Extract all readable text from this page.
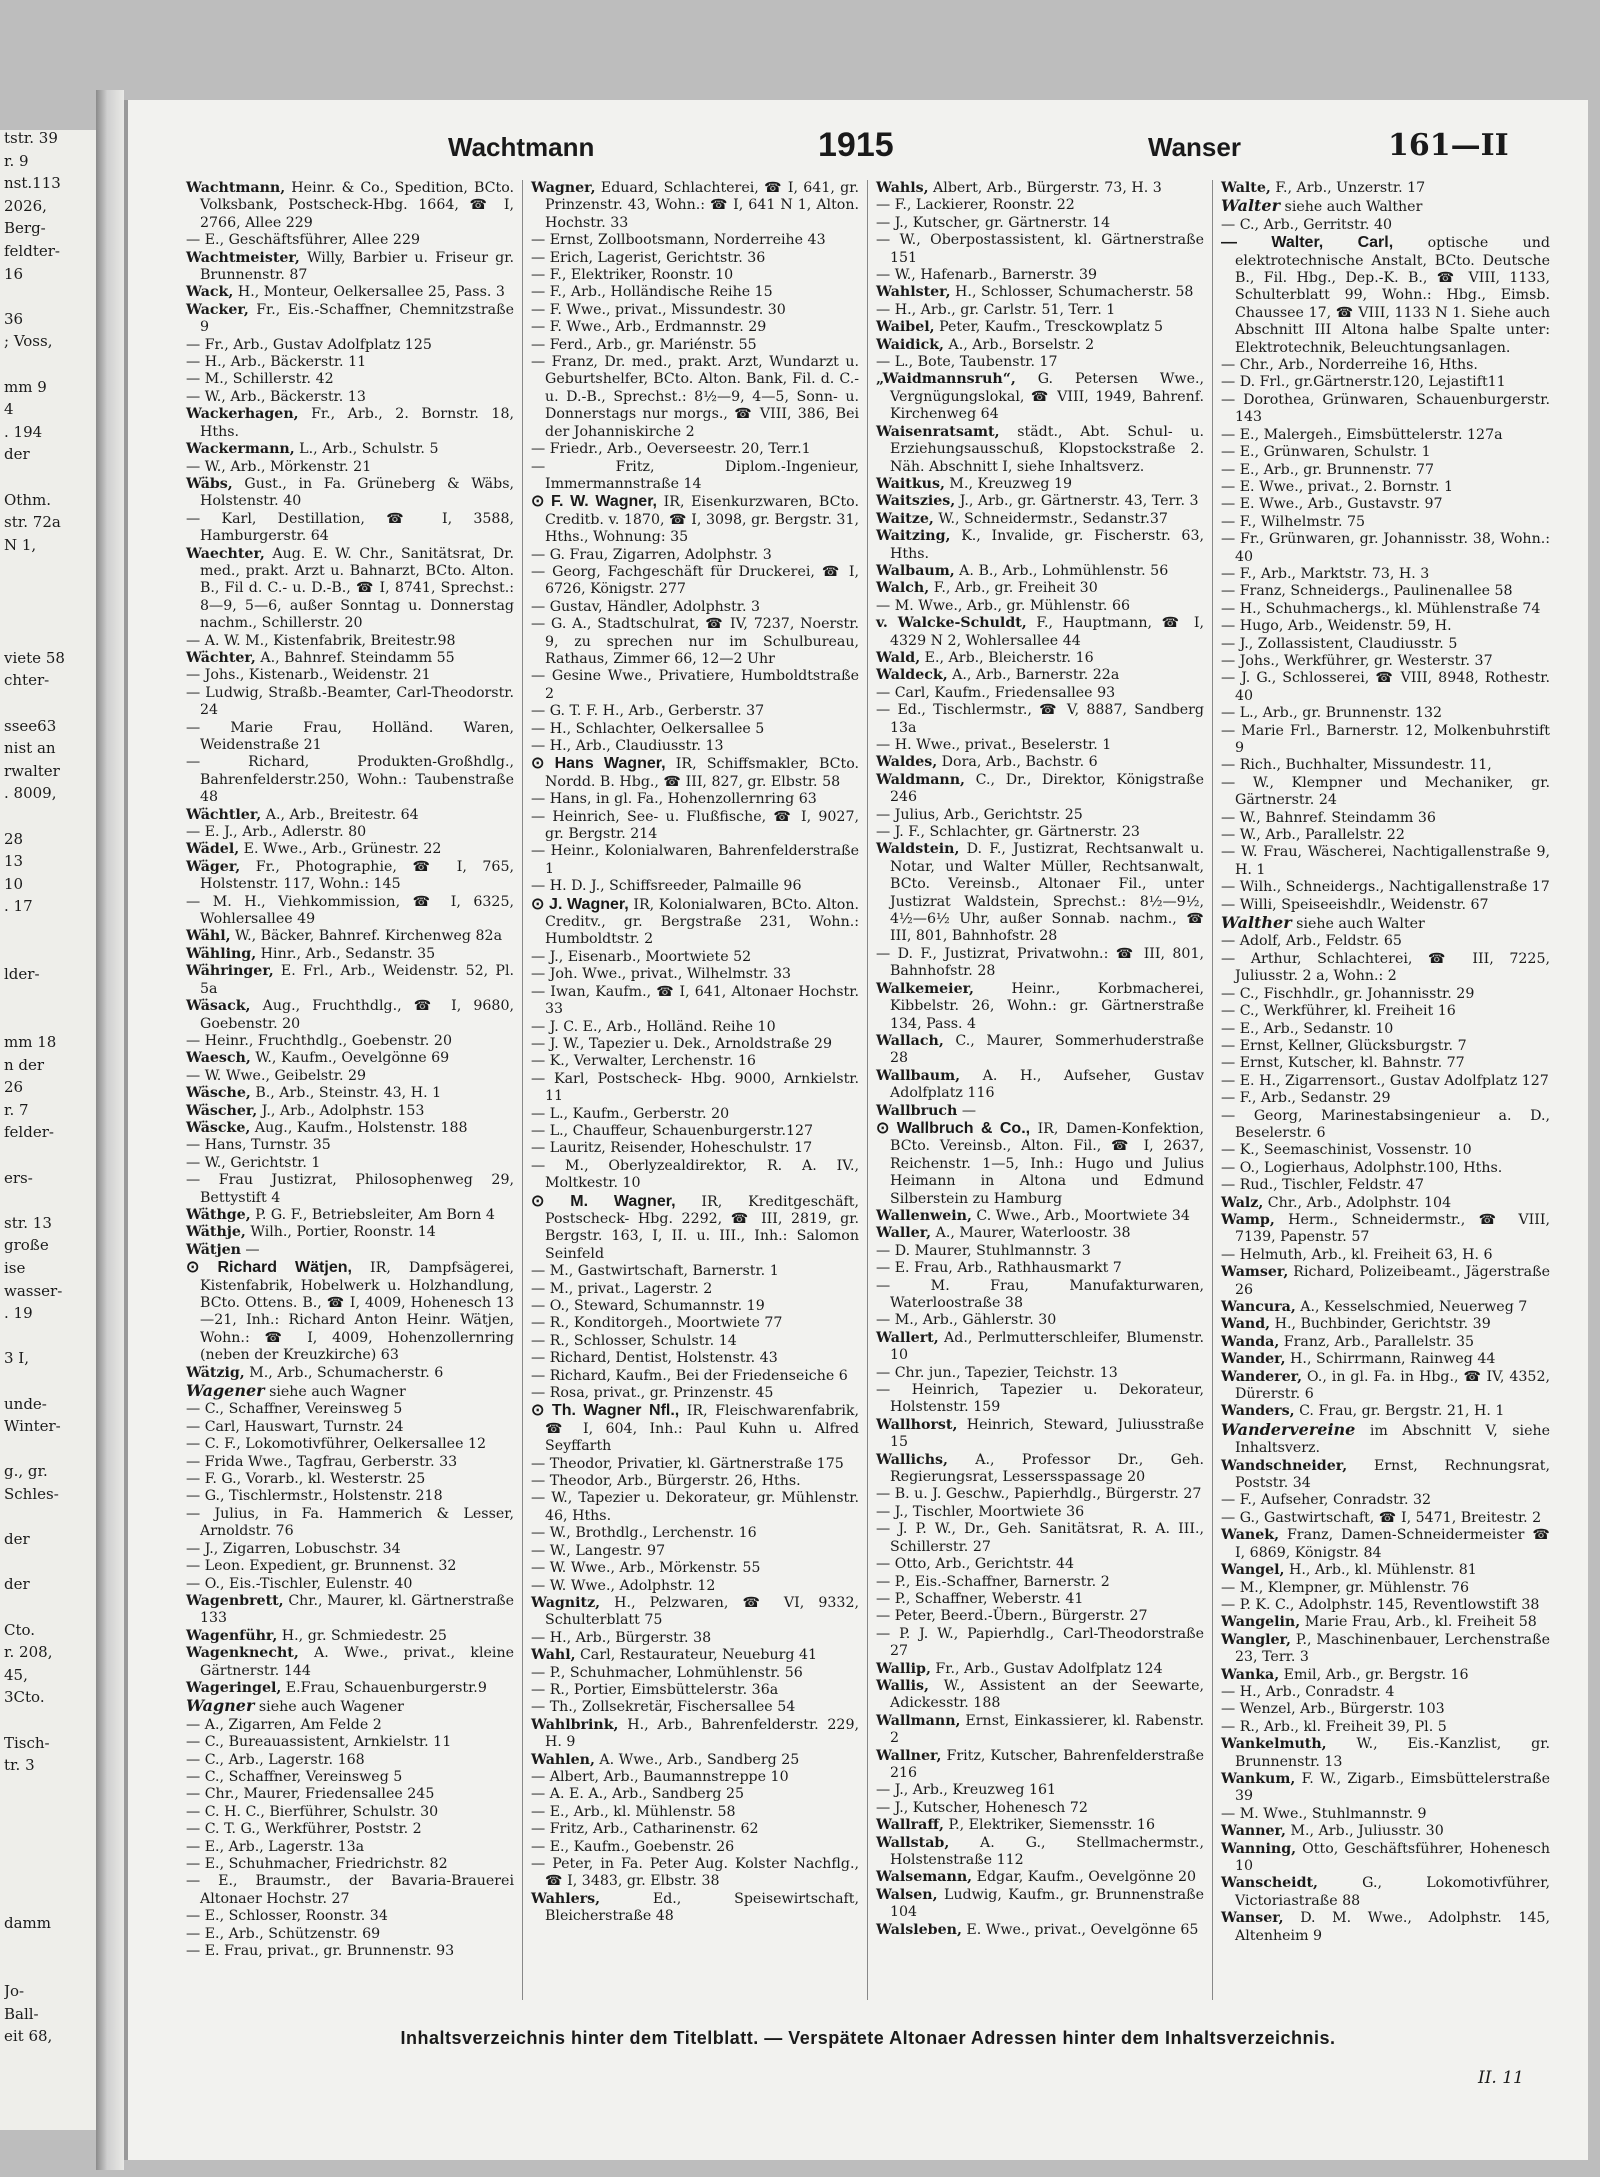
tstr. 39
r. 9
nst.113
2026,
Berg-
feldter-
16
36
; Voss,
mm 9
4
. 194
der
Othm.
str. 72a
N 1,
viete 58
chter-
ssee63
nist an
rwalter
. 8009,
28
13
10
. 17
lder-
mm 18
n der
26
r. 7
felder-
ers-
str. 13
große
ise
wasser-
. 19
3 I,
unde-
Winter-
g., gr.
Schles-
der
der
Cto.
r. 208,
45,
3Cto.
Tisch-
tr. 3
damm
Jo-
Ball-
eit 68,
Wachtmann	1915	Wanser	161—II

Wachtmann, Heinr. & Co., Spedition, BCto. Volksbank, Postscheck-Hbg. 1664, ☎ I, 2766, Allee 229

— E., Geschäftsführer, Allee 229

Wachtmeister, Willy, Barbier u. Friseur gr. Brunnenstr. 87

Wack, H., Monteur, Oelkersallee 25, Pass. 3

Wacker, Fr., Eis.-Schaffner, Chemnitzstraße 9

— Fr., Arb., Gustav Adolfplatz 125

— H., Arb., Bäckerstr. 11

— M., Schillerstr. 42

— W., Arb., Bäckerstr. 13

Wackerhagen, Fr., Arb., 2. Bornstr. 18, Hths.

Wackermann, L., Arb., Schulstr. 5

— W., Arb., Mörkenstr. 21

Wäbs, Gust., in Fa. Grüneberg & Wäbs, Holstenstr. 40

— Karl, Destillation, ☎ I, 3588, Hamburgerstr. 64

Waechter, Aug. E. W. Chr., Sanitätsrat, Dr. med., prakt. Arzt u. Bahnarzt, BCto. Alton. B., Fil d. C.- u. D.-B., ☎ I, 8741, Sprechst.: 8—9, 5—6, außer Sonntag u. Donnerstag nachm., Schillerstr. 20

— A. W. M., Kistenfabrik, Breitestr.98

Wächter, A., Bahnref. Steindamm 55

— Johs., Kistenarb., Weidenstr. 21

— Ludwig, Straßb.-Beamter, Carl-Theodorstr. 24

— Marie Frau, Holländ. Waren, Weidenstraße 21

— Richard, Produkten-Großhdlg., Bahrenfelderstr.250, Wohn.: Taubenstraße 48

Wächtler, A., Arb., Breitestr. 64

— E. J., Arb., Adlerstr. 80

Wädel, E. Wwe., Arb., Grünestr. 22

Wäger, Fr., Photographie, ☎ I, 765, Holstenstr. 117, Wohn.: 145

— M. H., Viehkommission, ☎ I, 6325, Wohlersallee 49

Wähl, W., Bäcker, Bahnref. Kirchenweg 82a

Wähling, Hinr., Arb., Sedanstr. 35

Währinger, E. Frl., Arb., Weidenstr. 52, Pl. 5a

Wäsack, Aug., Fruchthdlg., ☎ I, 9680, Goebenstr. 20

— Heinr., Fruchthdlg., Goebenstr. 20

Waesch, W., Kaufm., Oevelgönne 69

— W. Wwe., Geibelstr. 29

Wäsche, B., Arb., Steinstr. 43, H. 1

Wäscher, J., Arb., Adolphstr. 153

Wäscke, Aug., Kaufm., Holstenstr. 188

— Hans, Turnstr. 35

— W., Gerichtstr. 1

— Frau Justizrat, Philosophenweg 29, Bettystift 4

Wäthge, P. G. F., Betriebsleiter, Am Born 4

Wäthje, Wilh., Portier, Roonstr. 14

Wätjen —

⊙ Richard Wätjen, IR, Dampfsägerei, Kistenfabrik, Hobelwerk u. Holzhandlung, BCto. Ottens. B., ☎ I, 4009, Hohenesch 13—21, Inh.: Richard Anton Heinr. Wätjen, Wohn.: ☎ I, 4009, Hohenzollernring (neben der Kreuzkirche) 63

Wätzig, M., Arb., Schumacherstr. 6

Wagener siehe auch Wagner

— C., Schaffner, Vereinsweg 5

— Carl, Hauswart, Turnstr. 24

— C. F., Lokomotivführer, Oelkersallee 12

— Frida Wwe., Tagfrau, Gerberstr. 33

— F. G., Vorarb., kl. Westerstr. 25

— G., Tischlermstr., Holstenstr. 218

— Julius, in Fa. Hammerich & Lesser, Arnoldstr. 76

— J., Zigarren, Lobuschstr. 34

— Leon. Expedient, gr. Brunnenst. 32

— O., Eis.-Tischler, Eulenstr. 40

Wagenbrett, Chr., Maurer, kl. Gärtnerstraße 133

Wagenführ, H., gr. Schmiedestr. 25

Wagenknecht, A. Wwe., privat., kleine Gärtnerstr. 144

Wageringel, E.Frau, Schauenburgerstr.9

Wagner siehe auch Wagener

— A., Zigarren, Am Felde 2

— C., Bureauassistent, Arnkielstr. 11

— C., Arb., Lagerstr. 168

— C., Schaffner, Vereinsweg 5

— Chr., Maurer, Friedensallee 245

— C. H. C., Bierführer, Schulstr. 30

— C. T. G., Werkführer, Poststr. 2

— E., Arb., Lagerstr. 13a

— E., Schuhmacher, Friedrichstr. 82

— E., Braumstr., der Bavaria-Brauerei Altonaer Hochstr. 27

— E., Schlosser, Roonstr. 34

— E., Arb., Schützenstr. 69

— E. Frau, privat., gr. Brunnenstr. 93

Wagner, Eduard, Schlachterei, ☎ I, 641, gr. Prinzenstr. 43, Wohn.: ☎ I, 641 N 1, Alton. Hochstr. 33

— Ernst, Zollbootsmann, Norderreihe 43

— Erich, Lagerist, Gerichtstr. 36

— F., Elektriker, Roonstr. 10

— F., Arb., Holländische Reihe 15

— F. Wwe., privat., Missundestr. 30

— F. Wwe., Arb., Erdmannstr. 29

— Ferd., Arb., gr. Mariénstr. 55

— Franz, Dr. med., prakt. Arzt, Wundarzt u. Geburtshelfer, BCto. Alton. Bank, Fil. d. C.- u. D.-B., Sprechst.: 8½—9, 4—5, Sonn- u. Donnerstags nur morgs., ☎ VIII, 386, Bei der Johanniskirche 2

— Friedr., Arb., Oeverseestr. 20, Terr.1

— Fritz, Diplom.-Ingenieur, Immermannstraße 14

⊙ F. W. Wagner, IR, Eisenkurzwaren, BCto. Creditb. v. 1870, ☎ I, 3098, gr. Bergstr. 31, Hths., Wohnung: 35

— G. Frau, Zigarren, Adolphstr. 3

— Georg, Fachgeschäft für Druckerei, ☎ I, 6726, Königstr. 277

— Gustav, Händler, Adolphstr. 3

— G. A., Stadtschulrat, ☎ IV, 7237, Noerstr. 9, zu sprechen nur im Schulbureau, Rathaus, Zimmer 66, 12—2 Uhr

— Gesine Wwe., Privatiere, Humboldtstraße 2

— G. T. F. H., Arb., Gerberstr. 37

— H., Schlachter, Oelkersallee 5

— H., Arb., Claudiusstr. 13

⊙ Hans Wagner, IR, Schiffsmakler, BCto. Nordd. B. Hbg., ☎ III, 827, gr. Elbstr. 58

— Hans, in gl. Fa., Hohenzollernring 63

— Heinrich, See- u. Flußfische, ☎ I, 9027, gr. Bergstr. 214

— Heinr., Kolonialwaren, Bahrenfelderstraße 1

— H. D. J., Schiffsreeder, Palmaille 96

⊙ J. Wagner, IR, Kolonialwaren, BCto. Alton. Creditv., gr. Bergstraße 231, Wohn.: Humboldtstr. 2

— J., Eisenarb., Moortwiete 52

— Joh. Wwe., privat., Wilhelmstr. 33

— Iwan, Kaufm., ☎ I, 641, Altonaer Hochstr. 33

— J. C. E., Arb., Holländ. Reihe 10

— J. W., Tapezier u. Dek., Arnoldstraße 29

— K., Verwalter, Lerchenstr. 16

— Karl, Postscheck- Hbg. 9000, Arnkielstr. 11

— L., Kaufm., Gerberstr. 20

— L., Chauffeur, Schauenburgerstr.127

— Lauritz, Reisender, Hoheschulstr. 17

— M., Oberlyzealdirektor, R. A. IV., Moltkestr. 10

⊙ M. Wagner, IR, Kreditgeschäft, Postscheck- Hbg. 2292, ☎ III, 2819, gr. Bergstr. 163, I, II. u. III., Inh.: Salomon Seinfeld

— M., Gastwirtschaft, Barnerstr. 1

— M., privat., Lagerstr. 2

— O., Steward, Schumannstr. 19

— R., Konditorgeh., Moortwiete 77

— R., Schlosser, Schulstr. 14

— Richard, Dentist, Holstenstr. 43

— Richard, Kaufm., Bei der Friedenseiche 6

— Rosa, privat., gr. Prinzenstr. 45

⊙ Th. Wagner Nfl., IR, Fleischwarenfabrik, ☎ I, 604, Inh.: Paul Kuhn u. Alfred Seyffarth

— Theodor, Privatier, kl. Gärtnerstraße 175

— Theodor, Arb., Bürgerstr. 26, Hths.

— W., Tapezier u. Dekorateur, gr. Mühlenstr. 46, Hths.

— W., Brothdlg., Lerchenstr. 16

— W., Langestr. 97

— W. Wwe., Arb., Mörkenstr. 55

— W. Wwe., Adolphstr. 12

Wagnitz, H., Pelzwaren, ☎ VI, 9332, Schulterblatt 75

— H., Arb., Bürgerstr. 38

Wahl, Carl, Restaurateur, Neueburg 41

— P., Schuhmacher, Lohmühlenstr. 56

— R., Portier, Eimsbüttelerstr. 36a

— Th., Zollsekretär, Fischersallee 54

Wahlbrink, H., Arb., Bahrenfelderstr. 229, H. 9

Wahlen, A. Wwe., Arb., Sandberg 25

— Albert, Arb., Baumannstreppe 10

— A. E. A., Arb., Sandberg 25

— E., Arb., kl. Mühlenstr. 58

— Fritz, Arb., Catharinenstr. 62

— E., Kaufm., Goebenstr. 26

— Peter, in Fa. Peter Aug. Kolster Nachflg., ☎ I, 3483, gr. Elbstr. 38

Wahlers, Ed., Speisewirtschaft, Bleicherstraße 48

Wahls, Albert, Arb., Bürgerstr. 73, H. 3

— F., Lackierer, Roonstr. 22

— J., Kutscher, gr. Gärtnerstr. 14

— W., Oberpostassistent, kl. Gärtnerstraße 151

— W., Hafenarb., Barnerstr. 39

Wahlster, H., Schlosser, Schumacherstr. 58

— H., Arb., gr. Carlstr. 51, Terr. 1

Waibel, Peter, Kaufm., Tresckowplatz 5

Waidick, A., Arb., Borselstr. 2

— L., Bote, Taubenstr. 17

„Waidmannsruh“, G. Petersen Wwe., Vergnügungslokal, ☎ VIII, 1949, Bahrenf. Kirchenweg 64

Waisenratsamt, städt., Abt. Schul- u. Erziehungsausschuß, Klopstockstraße 2. Näh. Abschnitt I, siehe Inhaltsverz.

Waitkus, M., Kreuzweg 19

Waitszies, J., Arb., gr. Gärtnerstr. 43, Terr. 3

Waitze, W., Schneidermstr., Sedanstr.37

Waitzing, K., Invalide, gr. Fischerstr. 63, Hths.

Walbaum, A. B., Arb., Lohmühlenstr. 56

Walch, F., Arb., gr. Freiheit 30

— M. Wwe., Arb., gr. Mühlenstr. 66

v. Walcke-Schuldt, F., Hauptmann, ☎ I, 4329 N 2, Wohlersallee 44

Wald, E., Arb., Bleicherstr. 16

Waldeck, A., Arb., Barnerstr. 22a

— Carl, Kaufm., Friedensallee 93

— Ed., Tischlermstr., ☎ V, 8887, Sandberg 13a

— H. Wwe., privat., Beselerstr. 1

Waldes, Dora, Arb., Bachstr. 6

Waldmann, C., Dr., Direktor, Königstraße 246

— Julius, Arb., Gerichtstr. 25

— J. F., Schlachter, gr. Gärtnerstr. 23

Waldstein, D. F., Justizrat, Rechtsanwalt u. Notar, und Walter Müller, Rechtsanwalt, BCto. Vereinsb., Altonaer Fil., unter Justizrat Waldstein, Sprechst.: 8½—9½, 4½—6½ Uhr, außer Sonnab. nachm., ☎ III, 801, Bahnhofstr. 28

— D. F., Justizrat, Privatwohn.: ☎ III, 801, Bahnhofstr. 28

Walkemeier, Heinr., Korbmacherei, Kibbelstr. 26, Wohn.: gr. Gärtnerstraße 134, Pass. 4

Wallach, C., Maurer, Sommerhuderstraße 28

Wallbaum, A. H., Aufseher, Gustav Adolfplatz 116

Wallbruch —

⊙ Wallbruch & Co., IR, Damen-Konfektion, BCto. Vereinsb., Alton. Fil., ☎ I, 2637, Reichenstr. 1—5, Inh.: Hugo und Julius Heimann in Altona und Edmund Silberstein zu Hamburg

Wallenwein, C. Wwe., Arb., Moortwiete 34

Waller, A., Maurer, Waterloostr. 38

— D. Maurer, Stuhlmannstr. 3

— E. Frau, Arb., Rathhausmarkt 7

— M. Frau, Manufakturwaren, Waterloostraße 38

— M., Arb., Gählerstr. 30

Wallert, Ad., Perlmutterschleifer, Blumenstr. 10

— Chr. jun., Tapezier, Teichstr. 13

— Heinrich, Tapezier u. Dekorateur, Holstenstr. 159

Wallhorst, Heinrich, Steward, Juliusstraße 15

Wallichs, A., Professor Dr., Geh. Regierungsrat, Lessersspassage 20

— B. u. J. Geschw., Papierhdlg., Bürgerstr. 27

— J., Tischler, Moortwiete 36

— J. P. W., Dr., Geh. Sanitätsrat, R. A. III., Schillerstr. 27

— Otto, Arb., Gerichtstr. 44

— P., Eis.-Schaffner, Barnerstr. 2

— P., Schaffner, Weberstr. 41

— Peter, Beerd.-Übern., Bürgerstr. 27

— P. J. W., Papierhdlg., Carl-Theodorstraße 27

Wallip, Fr., Arb., Gustav Adolfplatz 124

Wallis, W., Assistent an der Seewarte, Adickesstr. 188

Wallmann, Ernst, Einkassierer, kl. Rabenstr. 2

Wallner, Fritz, Kutscher, Bahrenfelderstraße 216

— J., Arb., Kreuzweg 161

— J., Kutscher, Hohenesch 72

Wallraff, P., Elektriker, Siemensstr. 16

Wallstab, A. G., Stellmachermstr., Holstenstraße 112

Walsemann, Edgar, Kaufm., Oevelgönne 20

Walsen, Ludwig, Kaufm., gr. Brunnenstraße 104

Walsleben, E. Wwe., privat., Oevelgönne 65

Walte, F., Arb., Unzerstr. 17

Walter siehe auch Walther

— C., Arb., Gerritstr. 40

— Walter, Carl, optische und elektrotechnische Anstalt, BCto. Deutsche B., Fil. Hbg., Dep.-K. B., ☎ VIII, 1133, Schulterblatt 99, Wohn.: Hbg., Eimsb. Chaussee 17, ☎ VIII, 1133 N 1. Siehe auch Abschnitt III Altona halbe Spalte unter: Elektrotechnik, Beleuchtungsanlagen.

— Chr., Arb., Norderreihe 16, Hths.

— D. Frl., gr.Gärtnerstr.120, Lejastift11

— Dorothea, Grünwaren, Schauenburgerstr. 143

— E., Malergeh., Eimsbüttelerstr. 127a

— E., Grünwaren, Schulstr. 1

— E., Arb., gr. Brunnenstr. 77

— E. Wwe., privat., 2. Bornstr. 1

— E. Wwe., Arb., Gustavstr. 97

— F., Wilhelmstr. 75

— Fr., Grünwaren, gr. Johannisstr. 38, Wohn.: 40

— F., Arb., Marktstr. 73, H. 3

— Franz, Schneidergs., Paulinenallee 58

— H., Schuhmachergs., kl. Mühlenstraße 74

— Hugo, Arb., Weidenstr. 59, H.

— J., Zollassistent, Claudiusstr. 5

— Johs., Werkführer, gr. Westerstr. 37

— J. G., Schlosserei, ☎ VIII, 8948, Rothestr. 40

— L., Arb., gr. Brunnenstr. 132

— Marie Frl., Barnerstr. 12, Molkenbuhrstift 9

— Rich., Buchhalter, Missundestr. 11,

— W., Klempner und Mechaniker, gr. Gärtnerstr. 24

— W., Bahnref. Steindamm 36

— W., Arb., Parallelstr. 22

— W. Frau, Wäscherei, Nachtigallenstraße 9, H. 1

— Wilh., Schneidergs., Nachtigallenstraße 17

— Willi, Speiseeishdlr., Weidenstr. 67

Walther siehe auch Walter

— Adolf, Arb., Feldstr. 65

— Arthur, Schlachterei, ☎ III, 7225, Juliusstr. 2 a, Wohn.: 2

— C., Fischhdlr., gr. Johannisstr. 29

— C., Werkführer, kl. Freiheit 16

— E., Arb., Sedanstr. 10

— Ernst, Kellner, Glücksburgstr. 7

— Ernst, Kutscher, kl. Bahnstr. 77

— E. H., Zigarrensort., Gustav Adolfplatz 127

— F., Arb., Sedanstr. 29

— Georg, Marinestabsingenieur a. D., Beselerstr. 6

— K., Seemaschinist, Vossenstr. 10

— O., Logierhaus, Adolphstr.100, Hths.

— Rud., Tischler, Feldstr. 47

Walz, Chr., Arb., Adolphstr. 104

Wamp, Herm., Schneidermstr., ☎ VIII, 7139, Papenstr. 57

— Helmuth, Arb., kl. Freiheit 63, H. 6

Wamser, Richard, Polizeibeamt., Jägerstraße 26

Wancura, A., Kesselschmied, Neuerweg 7

Wand, H., Buchbinder, Gerichtstr. 39

Wanda, Franz, Arb., Parallelstr. 35

Wander, H., Schirrmann, Rainweg 44

Wanderer, O., in gl. Fa. in Hbg., ☎ IV, 4352, Dürerstr. 6

Wanders, C. Frau, gr. Bergstr. 21, H. 1

Wandervereine im Abschnitt V, siehe Inhaltsverz.

Wandschneider, Ernst, Rechnungsrat, Poststr. 34

— F., Aufseher, Conradstr. 32

— G., Gastwirtschaft, ☎ I, 5471, Breitestr. 2

Wanek, Franz, Damen-Schneidermeister ☎ I, 6869, Königstr. 84

Wangel, H., Arb., kl. Mühlenstr. 81

— M., Klempner, gr. Mühlenstr. 76

— P. K. C., Adolphstr. 145, Reventlowstift 38

Wangelin, Marie Frau, Arb., kl. Freiheit 58

Wangler, P., Maschinenbauer, Lerchenstraße 23, Terr. 3

Wanka, Emil, Arb., gr. Bergstr. 16

— H., Arb., Conradstr. 4

— Wenzel, Arb., Bürgerstr. 103

— R., Arb., kl. Freiheit 39, Pl. 5

Wankelmuth, W., Eis.-Kanzlist, gr. Brunnenstr. 13

Wankum, F. W., Zigarb., Eimsbüttelerstraße 39

— M. Wwe., Stuhlmannstr. 9

Wanner, M., Arb., Juliusstr. 30

Wanning, Otto, Geschäftsführer, Hohenesch 10

Wanscheidt, G., Lokomotivführer, Victoriastraße 88

Wanser, D. M. Wwe., Adolphstr. 145, Altenheim 9

Inhaltsverzeichnis hinter dem Titelblatt. — Verspätete Altonaer Adressen hinter dem Inhaltsverzeichnis.
II. 11
